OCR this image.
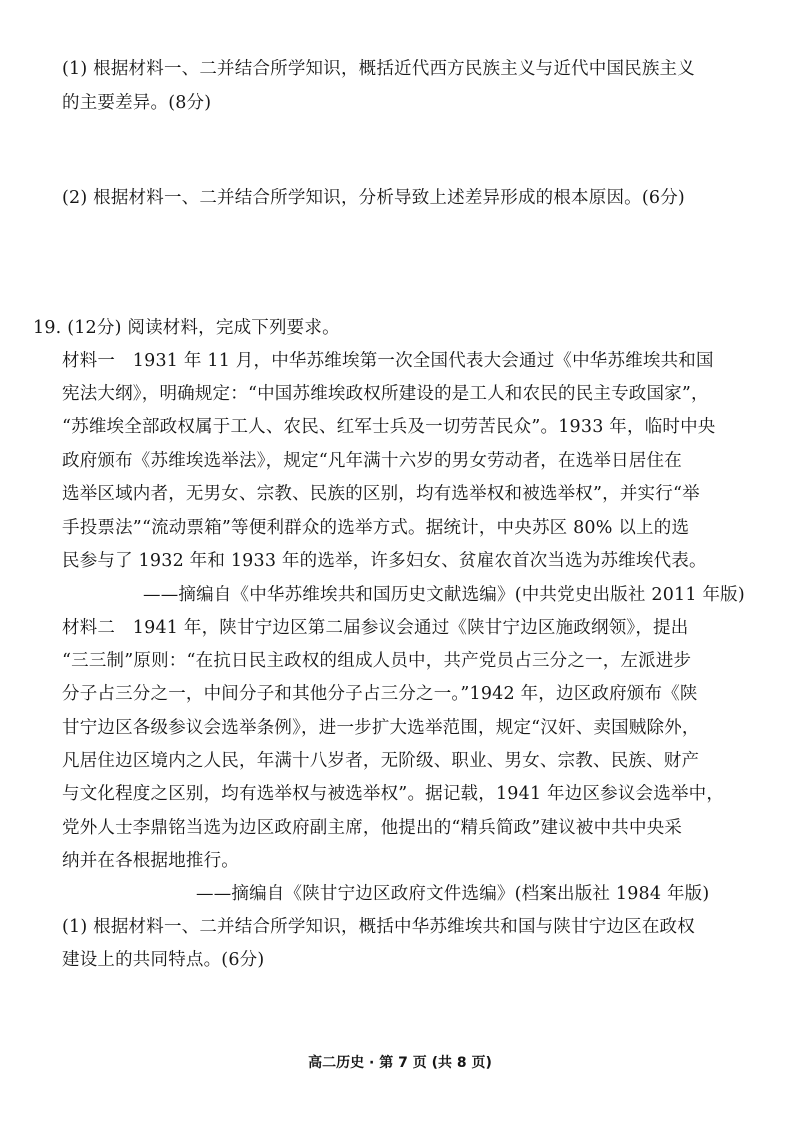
(1) 根据材料一、二并结合所学知识，概括近代西方民族主义与近代中国民族主义
的主要差异。(8分)
(2) 根据材料一、二并结合所学知识，分析导致上述差异形成的根本原因。(6分)
19. (12分) 阅读材料，完成下列要求。
材料一　1931 年 11 月，中华苏维埃第一次全国代表大会通过《中华苏维埃共和国
宪法大纲》，明确规定：“中国苏维埃政权所建设的是工人和农民的民主专政国家”，
“苏维埃全部政权属于工人、农民、红军士兵及一切劳苦民众”。1933 年，临时中央
政府颁布《苏维埃选举法》，规定“凡年满十六岁的男女劳动者，在选举日居住在
选举区域内者，无男女、宗教、民族的区别，均有选举权和被选举权”，并实行“举
手投票法”“流动票箱”等便利群众的选举方式。据统计，中央苏区 80% 以上的选
民参与了 1932 年和 1933 年的选举，许多妇女、贫雇农首次当选为苏维埃代表。
——摘编自《中华苏维埃共和国历史文献选编》(中共党史出版社 2011 年版)
材料二　1941 年，陕甘宁边区第二届参议会通过《陕甘宁边区施政纲领》，提出
“三三制”原则：“在抗日民主政权的组成人员中，共产党员占三分之一，左派进步
分子占三分之一，中间分子和其他分子占三分之一。”1942 年，边区政府颁布《陕
甘宁边区各级参议会选举条例》，进一步扩大选举范围，规定“汉奸、卖国贼除外，
凡居住边区境内之人民，年满十八岁者，无阶级、职业、男女、宗教、民族、财产
与文化程度之区别，均有选举权与被选举权”。据记载，1941 年边区参议会选举中，
党外人士李鼎铭当选为边区政府副主席，他提出的“精兵简政”建议被中共中央采
纳并在各根据地推行。
——摘编自《陕甘宁边区政府文件选编》(档案出版社 1984 年版)
(1) 根据材料一、二并结合所学知识，概括中华苏维埃共和国与陕甘宁边区在政权
建设上的共同特点。(6分)
高二历史 · 第 7 页 (共 8 页)
